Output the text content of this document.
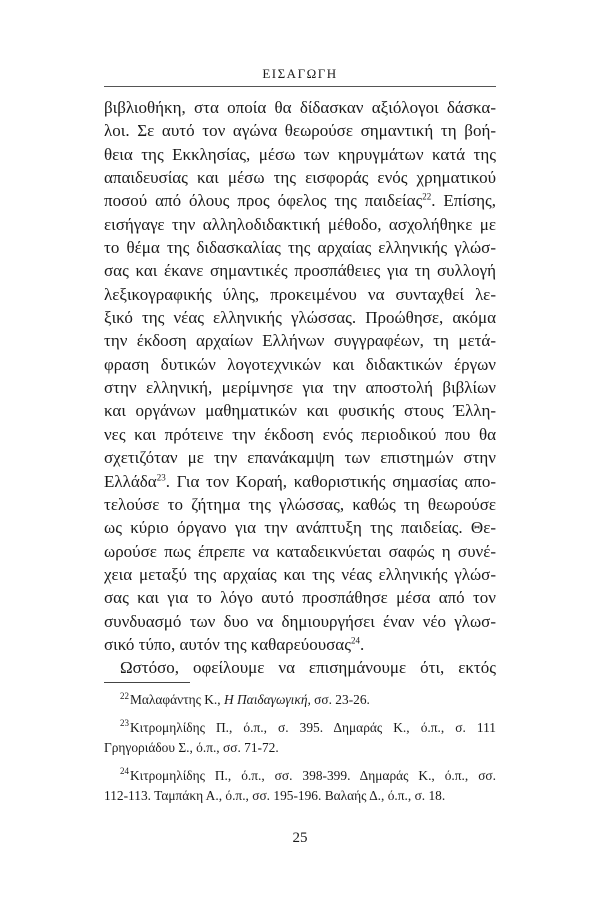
ΕΙΣΑΓΩΓΗ
βιβλιοθήκη, στα οποία θα δίδασκαν αξιόλογοι δάσκα-
λοι. Σε αυτό τον αγώνα θεωρούσε σημαντική τη βοή-
θεια της Εκκλησίας, μέσω των κηρυγμάτων κατά της
απαιδευσίας και μέσω της εισφοράς ενός χρηματικού
ποσού από όλους προς όφελος της παιδείας$^{22}$. Επίσης,
εισήγαγε την αλληλοδιδακτική μέθοδο, ασχολήθηκε με
το θέμα της διδασκαλίας της αρχαίας ελληνικής γλώσ-
σας και έκανε σημαντικές προσπάθειες για τη συλλογή
λεξικογραφικής ύλης, προκειμένου να συνταχθεί λε-
ξικό της νέας ελληνικής γλώσσας. Προώθησε, ακόμα
την έκδοση αρχαίων Ελλήνων συγγραφέων, τη μετά-
φραση δυτικών λογοτεχνικών και διδακτικών έργων
στην ελληνική, μερίμνησε για την αποστολή βιβλίων
και οργάνων μαθηματικών και φυσικής στους Έλλη-
νες και πρότεινε την έκδοση ενός περιοδικού που θα
σχετιζόταν με την επανάκαμψη των επιστημών στην
Ελλάδα$^{23}$. Για τον Κοραή, καθοριστικής σημασίας απο-
τελούσε το ζήτημα της γλώσσας, καθώς τη θεωρούσε
ως κύριο όργανο για την ανάπτυξη της παιδείας. Θε-
ωρούσε πως έπρεπε να καταδεικνύεται σαφώς η συνέ-
χεια μεταξύ της αρχαίας και της νέας ελληνικής γλώσ-
σας και για το λόγο αυτό προσπάθησε μέσα από τον
συνδυασμό των δυο να δημιουργήσει έναν νέο γλωσ-
σικό τύπο, αυτόν της καθαρεύουσας$^{24}$.
Ωστόσο, οφείλουμε να επισημάνουμε ότι, εκτός
$^{22}$Μαλαφάντης Κ., Η Παιδαγωγική, σσ. 23-26.
$^{23}$Κιτρομηλίδης Π., ό.π., σ. 395. Δημαράς Κ., ό.π., σ. 111
Γρηγοριάδου Σ., ό.π., σσ. 71-72.
$^{24}$Κιτρομηλίδης Π., ό.π., σσ. 398-399. Δημαράς Κ., ό.π., σσ.
112-113. Ταμπάκη Α., ό.π., σσ. 195-196. Βαλαής Δ., ό.π., σ. 18.
25
